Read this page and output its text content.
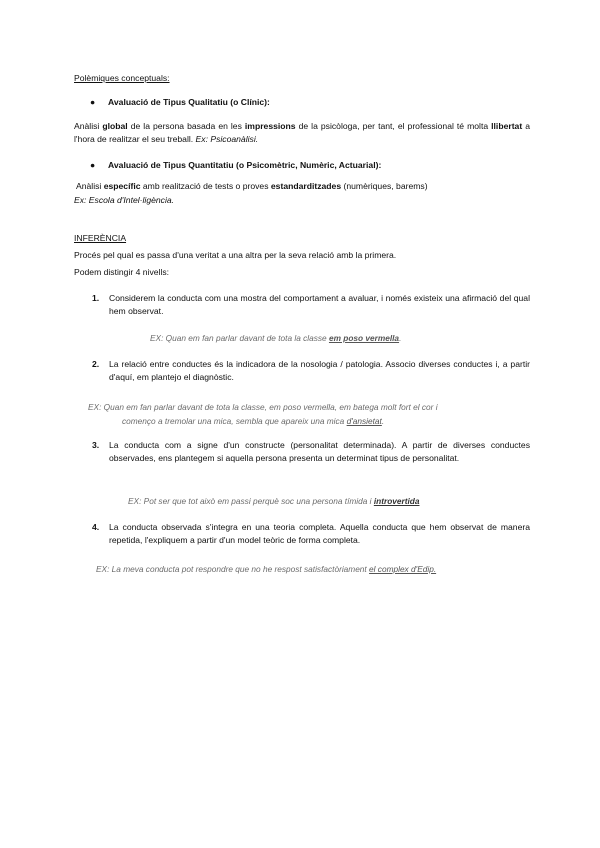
Polèmiques conceptuals:

● Avaluació de Tipus Qualitatiu (o Clínic):

Anàlisi global de la persona basada en les impressions de la psicòloga, per tant, el professional té molta llibertat a l'hora de realitzar el seu treball. Ex: Psicoanàlisi.

● Avaluació de Tipus Quantitatiu (o Psicomètric, Numèric, Actuarial):

Anàlisi específic amb realització de tests o proves estandarditzades (numèriques, barems)

Ex: Escola d'Intel·ligència.

INFERÈNCIA

Procés pel qual es passa d'una veritat a una altra per la seva relació amb la primera.

Podem distingir 4 nivells:

1. Considerem la conducta com una mostra del comportament a avaluar, i només existeix una afirmació del qual hem observat.

EX: Quan em fan parlar davant de tota la classe em poso vermella.

2. La relació entre conductes és la indicadora de la nosologia / patologia. Associo diverses conductes i, a partir d'aquí, em plantejo el diagnòstic.

EX: Quan em fan parlar davant de tota la classe, em poso vermella, em batega molt fort el cor i

començo a tremolar una mica, sembla que apareix una mica d'ansietat.

3. La conducta com a signe d'un constructe (personalitat determinada). A partir de diverses conductes observades, ens plantegem si aquella persona presenta un determinat tipus de personalitat.

EX: Pot ser que tot això em passi perquè soc una persona tímida i introvertida

4. La conducta observada s'integra en una teoria completa. Aquella conducta que hem observat de manera repetida, l'expliquem a partir d'un model teòric de forma completa.

EX: La meva conducta pot respondre que no he respost satisfactòriament el complex d'Edip.
